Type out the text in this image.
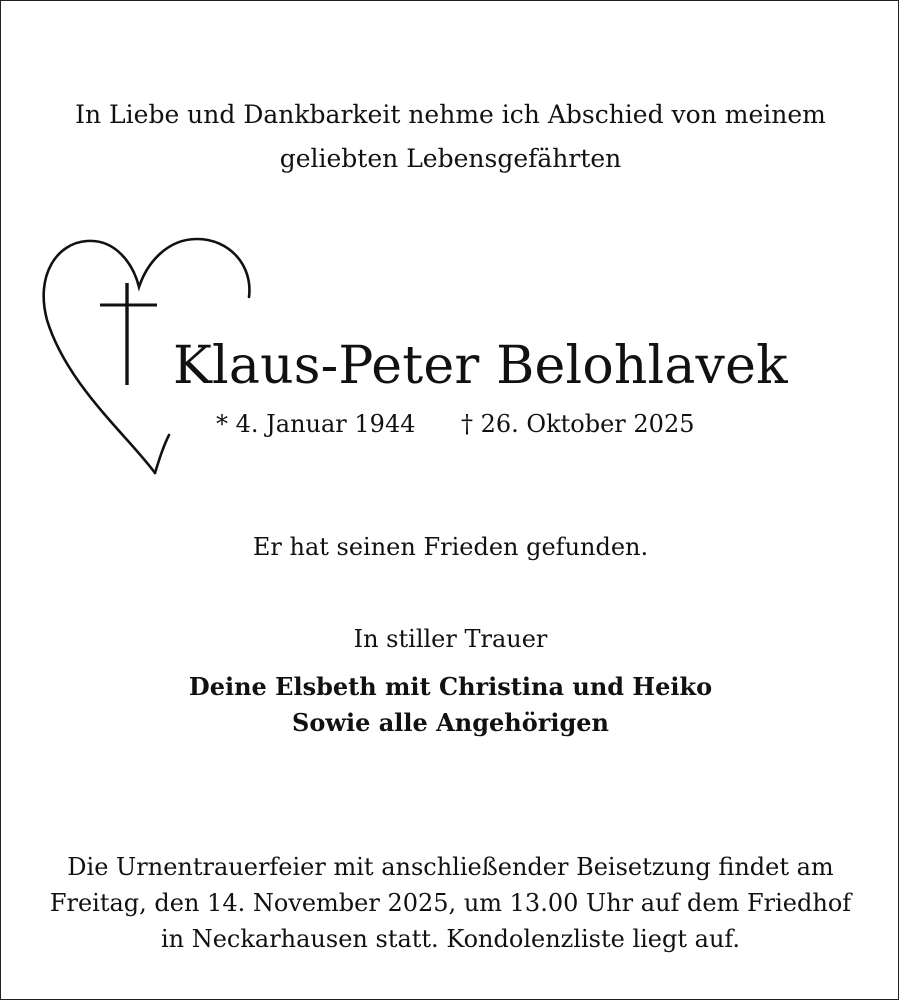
In Liebe und Dankbarkeit nehme ich Abschied von meinem
geliebten Lebensgefährten
Klaus-Peter Belohlavek
* 4. Januar 1944 † 26. Oktober 2025
Er hat seinen Frieden gefunden.
In stiller Trauer
Deine Elsbeth mit Christina und Heiko
Sowie alle Angehörigen
Die Urnentrauerfeier mit anschließender Beisetzung findet am
Freitag, den 14. November 2025, um 13.00 Uhr auf dem Friedhof
in Neckarhausen statt. Kondolenzliste liegt auf.
